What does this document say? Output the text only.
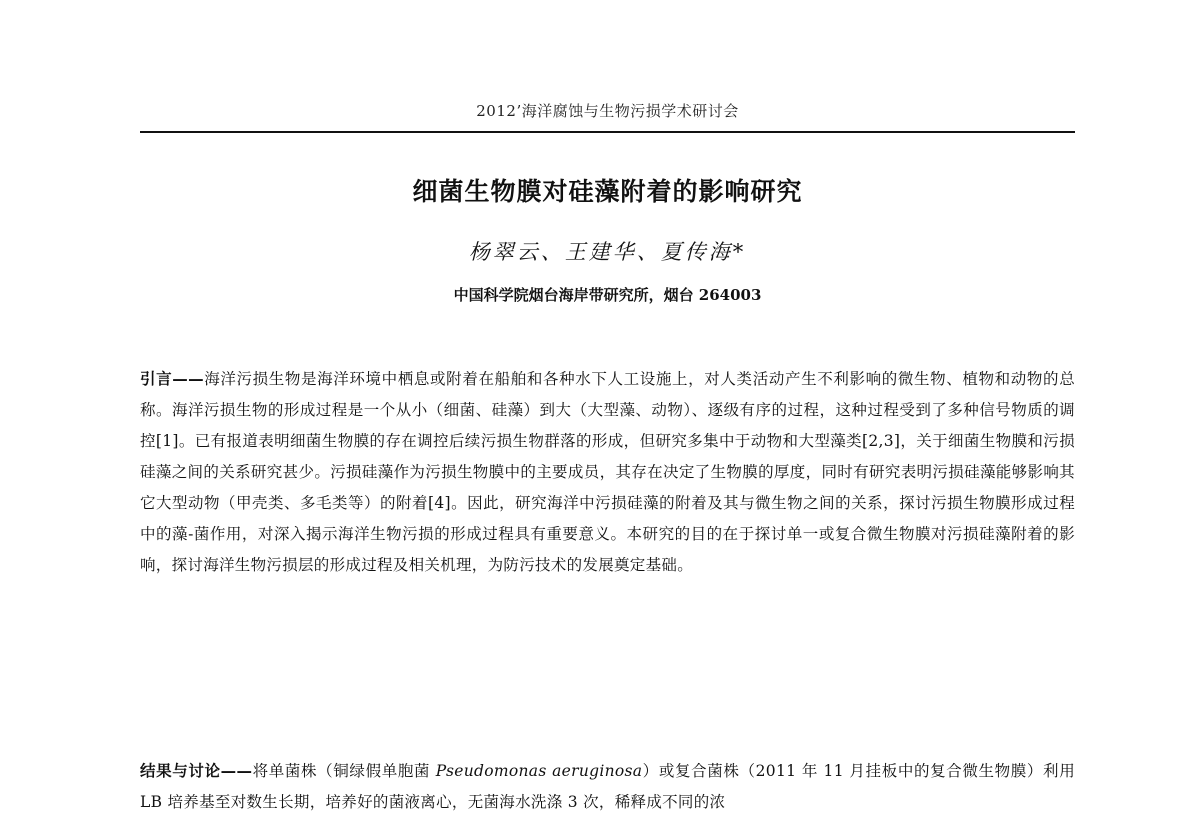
2012’海洋腐蚀与生物污损学术研讨会
细菌生物膜对硅藻附着的影响研究
杨翠云、王建华、夏传海*
中国科学院烟台海岸带研究所，烟台 264003

引言——海洋污损生物是海洋环境中栖息或附着在船舶和各种水下人工设施上，对人类活动产生不利影响的微生物、植物和动物的总称。海洋污损生物的形成过程是一个从小（细菌、硅藻）到大（大型藻、动物）、逐级有序的过程，这种过程受到了多种信号物质的调控[1]。已有报道表明细菌生物膜的存在调控后续污损生物群落的形成，但研究多集中于动物和大型藻类[2,3]，关于细菌生物膜和污损硅藻之间的关系研究甚少。污损硅藻作为污损生物膜中的主要成员，其存在决定了生物膜的厚度，同时有研究表明污损硅藻能够影响其它大型动物（甲壳类、多毛类等）的附着[4]。因此，研究海洋中污损硅藻的附着及其与微生物之间的关系，探讨污损生物膜形成过程中的藻-菌作用，对深入揭示海洋生物污损的形成过程具有重要意义。本研究的目的在于探讨单一或复合微生物膜对污损硅藻附着的影响，探讨海洋生物污损层的形成过程及相关机理，为防污技术的发展奠定基础。

结果与讨论——将单菌株（铜绿假单胞菌 Pseudomonas aeruginosa）或复合菌株（2011 年 11 月挂板中的复合微生物膜）利用 LB 培养基至对数生长期，培养好的菌液离心，无菌海水洗涤 3 次，稀释成不同的浓
